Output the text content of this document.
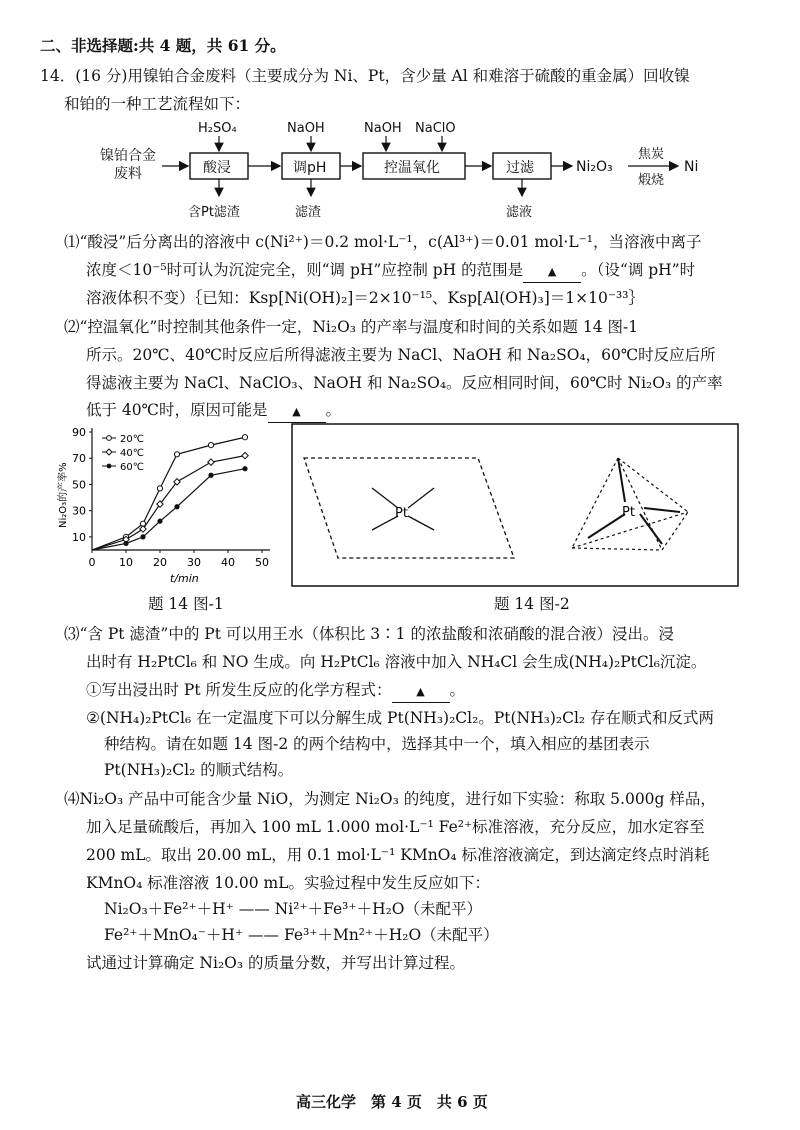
二、非选择题:共 4 题，共 61 分。
14．(16 分)用镍铂合金废料（主要成分为 Ni、Pt，含少量 Al 和难溶于硫酸的重金属）回收镍
和铂的一种工艺流程如下：
镍铂合金
废料	酸浸	调pH	控温氧化	过滤
H₂SO₄	NaOH	NaOH NaClO
含Pt滤渣	滤渣	滤液
Ni₂O₃
焦炭
煅烧
Ni
⑴“酸浸”后分离出的溶液中 c(Ni²⁺)＝0.2 mol·L⁻¹，c(Al³⁺)＝0.01 mol·L⁻¹，当溶液中离子
浓度＜10⁻⁵时可认为沉淀完全，则“调 pH”应控制 pH 的范围是 ▲ 。（设“调 pH”时
溶液体积不变）｛已知：Ksp[Ni(OH)₂]＝2×10⁻¹⁵、Ksp[Al(OH)₃]＝1×10⁻³³｝
⑵“控温氧化”时控制其他条件一定，Ni₂O₃ 的产率与温度和时间的关系如题 14 图-1
所示。20℃、40℃时反应后所得滤液主要为 NaCl、NaOH 和 Na₂SO₄，60℃时反应后所
得滤液主要为 NaCl、NaClO₃、NaOH 和 Na₂SO₄。反应相同时间，60℃时 Ni₂O₃ 的产率
低于 40℃时，原因可能是 ▲ 。
10
30
50
70
90
0 10 20 30 40 50
20℃
40℃
60℃
Ni₂O₃的产率%
t/min
Pt	Pt
题 14 图-1	题 14 图-2
⑶“含 Pt 滤渣”中的 Pt 可以用王水（体积比 3∶1 的浓盐酸和浓硝酸的混合液）浸出。浸
出时有 H₂PtCl₆ 和 NO 生成。向 H₂PtCl₆ 溶液中加入 NH₄Cl 会生成(NH₄)₂PtCl₆沉淀。
①写出浸出时 Pt 所发生反应的化学方程式： ▲ 。
②(NH₄)₂PtCl₆ 在一定温度下可以分解生成 Pt(NH₃)₂Cl₂。Pt(NH₃)₂Cl₂ 存在顺式和反式两
种结构。请在如题 14 图-2 的两个结构中，选择其中一个，填入相应的基团表示
Pt(NH₃)₂Cl₂ 的顺式结构。
⑷Ni₂O₃ 产品中可能含少量 NiO，为测定 Ni₂O₃ 的纯度，进行如下实验：称取 5.000g 样品，
加入足量硫酸后，再加入 100 mL 1.000 mol·L⁻¹ Fe²⁺标准溶液，充分反应，加水定容至
200 mL。取出 20.00 mL，用 0.1 mol·L⁻¹ KMnO₄ 标准溶液滴定，到达滴定终点时消耗
KMnO₄ 标准溶液 10.00 mL。实验过程中发生反应如下：
Ni₂O₃＋Fe²⁺＋H⁺ —— Ni²⁺＋Fe³⁺＋H₂O（未配平）
Fe²⁺＋MnO₄⁻＋H⁺ —— Fe³⁺＋Mn²⁺＋H₂O（未配平）
试通过计算确定 Ni₂O₃ 的质量分数，并写出计算过程。
高三化学　第 4 页　共 6 页
